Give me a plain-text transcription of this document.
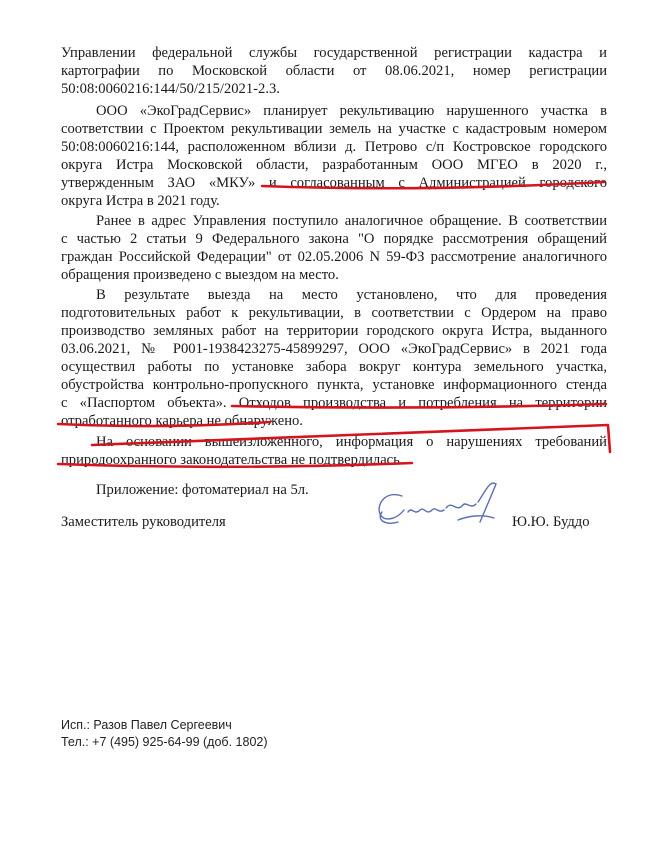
Управлении федеральной службы государственной регистрации кадастра и
картографии по Московской области от 08.06.2021, номер регистрации
50:08:0060216:144/50/215/2021-2.3.
ООО «ЭкоГрадСервис» планирует рекультивацию нарушенного участка в
соответствии с Проектом рекультивации земель на участке с кадастровым номером
50:08:0060216:144, расположенном вблизи д. Петрово с/п Костровское городского
округа Истра Московской области, разработанным ООО МГЕО в 2020 г.,
утвержденным ЗАО «МКУ» и согласованным с Администрацией городского
округа Истра в 2021 году.
Ранее в адрес Управления поступило аналогичное обращение. В соответствии
с частью 2 статьи 9 Федерального закона "О порядке рассмотрения обращений
граждан Российской Федерации" от 02.05.2006 N 59-ФЗ рассмотрение аналогичного
обращения произведено с выездом на место.
В результате выезда на место установлено, что для проведения
подготовительных работ к рекультивации, в соответствии с Ордером на право
производство земляных работ на территории городского округа Истра, выданного
03.06.2021, № Р001-1938423275-45899297, ООО «ЭкоГрадСервис» в 2021 года
осуществил работы по установке забора вокруг контура земельного участка,
обустройства контрольно-пропускного пункта, установке информационного стенда
с «Паспортом объекта». Отходов производства и потребления на территории
отработанного карьера не обнаружено.
На основании вышеизложенного, информация о нарушениях требований
природоохранного законодательства не подтвердилась.
Приложение: фотоматериал на 5л.
Заместитель руководителя	Ю.Ю. Буддо
Исп.: Разов Павел Сергеевич
Тел.: +7 (495) 925-64-99 (доб. 1802)
